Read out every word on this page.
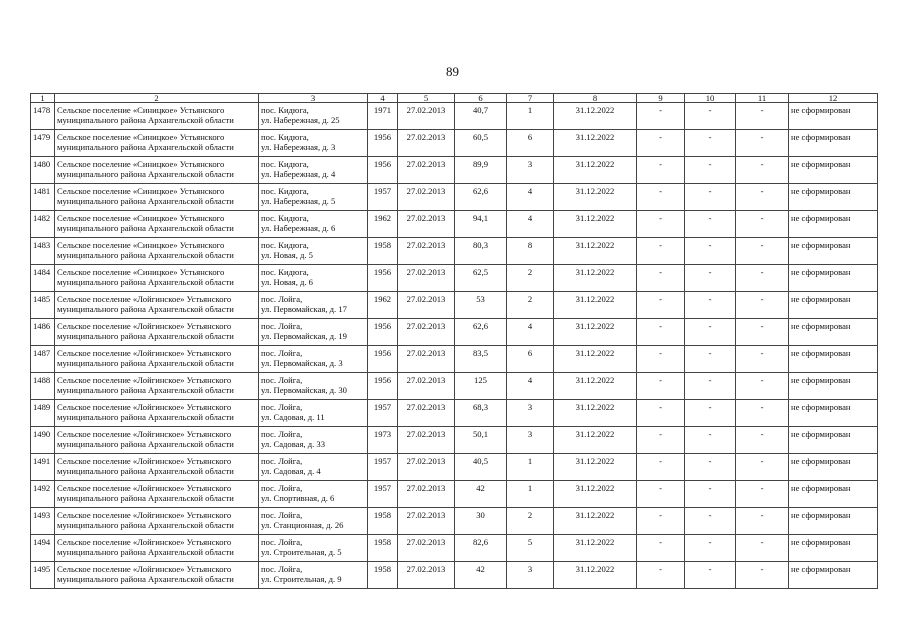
89
1	2	3	4	5	6	7	8	9	10	11	12
1478	Сельское поселение «Синицкое» Устьянского
муниципального района Архангельской области	пос. Кидюга,
ул. Набережная, д. 25	1971	27.02.2013	40,7	1	31.12.2022	-	-	-	не сформирован
1479	Сельское поселение «Синицкое» Устьянского
муниципального района Архангельской области	пос. Кидюга,
ул. Набережная, д. 3	1956	27.02.2013	60,5	6	31.12.2022	-	-	-	не сформирован
1480	Сельское поселение «Синицкое» Устьянского
муниципального района Архангельской области	пос. Кидюга,
ул. Набережная, д. 4	1956	27.02.2013	89,9	3	31.12.2022	-	-	-	не сформирован
1481	Сельское поселение «Синицкое» Устьянского
муниципального района Архангельской области	пос. Кидюга,
ул. Набережная, д. 5	1957	27.02.2013	62,6	4	31.12.2022	-	-	-	не сформирован
1482	Сельское поселение «Синицкое» Устьянского
муниципального района Архангельской области	пос. Кидюга,
ул. Набережная, д. 6	1962	27.02.2013	94,1	4	31.12.2022	-	-	-	не сформирован
1483	Сельское поселение «Синицкое» Устьянского
муниципального района Архангельской области	пос. Кидюга,
ул. Новая, д. 5	1958	27.02.2013	80,3	8	31.12.2022	-	-	-	не сформирован
1484	Сельское поселение «Синицкое» Устьянского
муниципального района Архангельской области	пос. Кидюга,
ул. Новая, д. 6	1956	27.02.2013	62,5	2	31.12.2022	-	-	-	не сформирован
1485	Сельское поселение «Лойгинское» Устьянского
муниципального района Архангельской области	пос. Лойга,
ул. Первомайская, д. 17	1962	27.02.2013	53	2	31.12.2022	-	-	-	не сформирован
1486	Сельское поселение «Лойгинское» Устьянского
муниципального района Архангельской области	пос. Лойга,
ул. Первомайская, д. 19	1956	27.02.2013	62,6	4	31.12.2022	-	-	-	не сформирован
1487	Сельское поселение «Лойгинское» Устьянского
муниципального района Архангельской области	пос. Лойга,
ул. Первомайская, д. 3	1956	27.02.2013	83,5	6	31.12.2022	-	-	-	не сформирован
1488	Сельское поселение «Лойгинское» Устьянского
муниципального района Архангельской области	пос. Лойга,
ул. Первомайская, д. 30	1956	27.02.2013	125	4	31.12.2022	-	-	-	не сформирован
1489	Сельское поселение «Лойгинское» Устьянского
муниципального района Архангельской области	пос. Лойга,
ул. Садовая, д. 11	1957	27.02.2013	68,3	3	31.12.2022	-	-	-	не сформирован
1490	Сельское поселение «Лойгинское» Устьянского
муниципального района Архангельской области	пос. Лойга,
ул. Садовая, д. 33	1973	27.02.2013	50,1	3	31.12.2022	-	-	-	не сформирован
1491	Сельское поселение «Лойгинское» Устьянского
муниципального района Архангельской области	пос. Лойга,
ул. Садовая, д. 4	1957	27.02.2013	40,5	1	31.12.2022	-	-	-	не сформирован
1492	Сельское поселение «Лойгинское» Устьянского
муниципального района Архангельской области	пос. Лойга,
ул. Спортивная, д. 6	1957	27.02.2013	42	1	31.12.2022	-	-	-	не сформирован
1493	Сельское поселение «Лойгинское» Устьянского
муниципального района Архангельской области	пос. Лойга,
ул. Станционная, д. 26	1958	27.02.2013	30	2	31.12.2022	-	-	-	не сформирован
1494	Сельское поселение «Лойгинское» Устьянского
муниципального района Архангельской области	пос. Лойга,
ул. Строительная, д. 5	1958	27.02.2013	82,6	5	31.12.2022	-	-	-	не сформирован
1495	Сельское поселение «Лойгинское» Устьянского
муниципального района Архангельской области	пос. Лойга,
ул. Строительная, д. 9	1958	27.02.2013	42	3	31.12.2022	-	-	-	не сформирован
